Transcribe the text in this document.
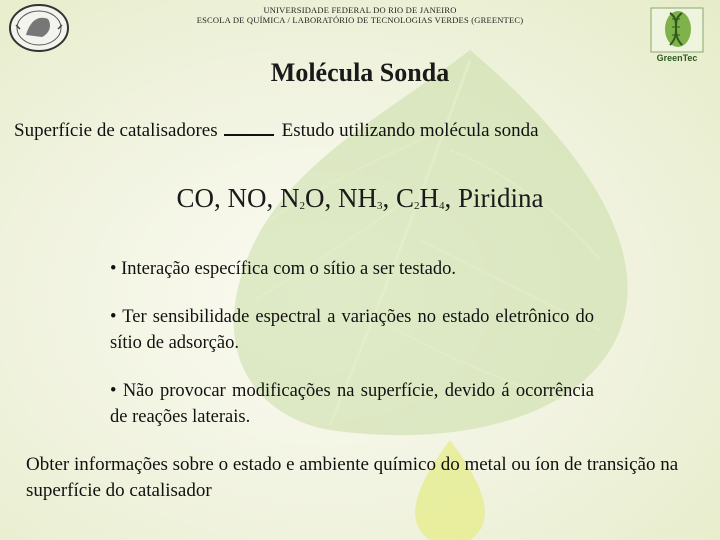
UNIVERSIDADE FEDERAL DO RIO DE JANEIRO
ESCOLA DE QUÍMICA / LABORATÓRIO DE TECNOLOGIAS VERDES (GREENTEC)
GreenTec
Molécula Sonda
Superfície de catalisadores	Estudo utilizando molécula sonda
CO, NO, $N_2O$, $NH_3$, $C_2H_4$, Piridina
• Interação específica com o sítio a ser testado.
• Ter sensibilidade espectral a variações no estado eletrônico do sítio de adsorção.
• Não provocar modificações na superfície, devido á ocorrência de reações laterais.
Obter informações sobre o estado e ambiente químico do metal ou íon de transição na superfície do catalisador
